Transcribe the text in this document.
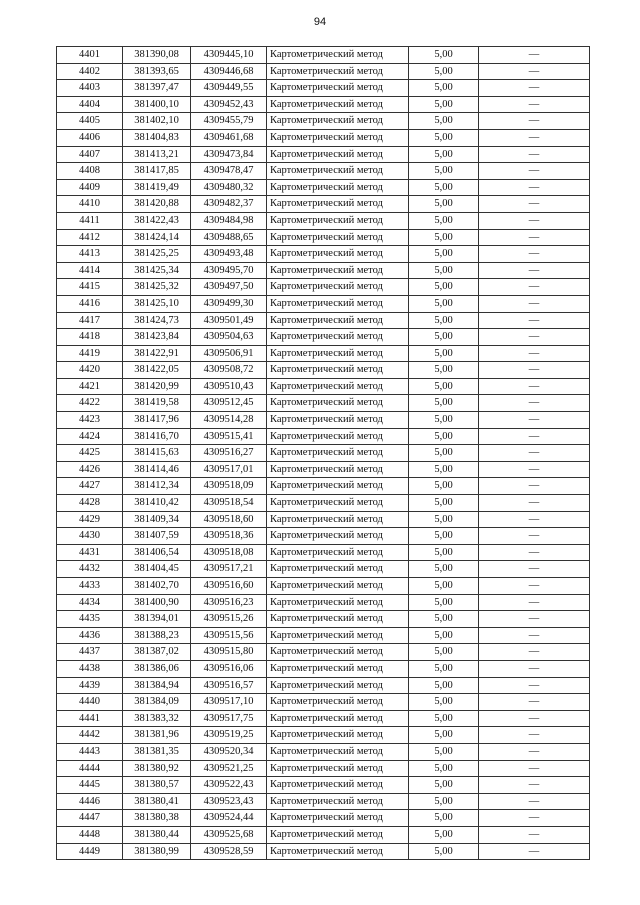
94
4401	381390,08	4309445,10	Картометрический метод	5,00	—
4402	381393,65	4309446,68	Картометрический метод	5,00	—
4403	381397,47	4309449,55	Картометрический метод	5,00	—
4404	381400,10	4309452,43	Картометрический метод	5,00	—
4405	381402,10	4309455,79	Картометрический метод	5,00	—
4406	381404,83	4309461,68	Картометрический метод	5,00	—
4407	381413,21	4309473,84	Картометрический метод	5,00	—
4408	381417,85	4309478,47	Картометрический метод	5,00	—
4409	381419,49	4309480,32	Картометрический метод	5,00	—
4410	381420,88	4309482,37	Картометрический метод	5,00	—
4411	381422,43	4309484,98	Картометрический метод	5,00	—
4412	381424,14	4309488,65	Картометрический метод	5,00	—
4413	381425,25	4309493,48	Картометрический метод	5,00	—
4414	381425,34	4309495,70	Картометрический метод	5,00	—
4415	381425,32	4309497,50	Картометрический метод	5,00	—
4416	381425,10	4309499,30	Картометрический метод	5,00	—
4417	381424,73	4309501,49	Картометрический метод	5,00	—
4418	381423,84	4309504,63	Картометрический метод	5,00	—
4419	381422,91	4309506,91	Картометрический метод	5,00	—
4420	381422,05	4309508,72	Картометрический метод	5,00	—
4421	381420,99	4309510,43	Картометрический метод	5,00	—
4422	381419,58	4309512,45	Картометрический метод	5,00	—
4423	381417,96	4309514,28	Картометрический метод	5,00	—
4424	381416,70	4309515,41	Картометрический метод	5,00	—
4425	381415,63	4309516,27	Картометрический метод	5,00	—
4426	381414,46	4309517,01	Картометрический метод	5,00	—
4427	381412,34	4309518,09	Картометрический метод	5,00	—
4428	381410,42	4309518,54	Картометрический метод	5,00	—
4429	381409,34	4309518,60	Картометрический метод	5,00	—
4430	381407,59	4309518,36	Картометрический метод	5,00	—
4431	381406,54	4309518,08	Картометрический метод	5,00	—
4432	381404,45	4309517,21	Картометрический метод	5,00	—
4433	381402,70	4309516,60	Картометрический метод	5,00	—
4434	381400,90	4309516,23	Картометрический метод	5,00	—
4435	381394,01	4309515,26	Картометрический метод	5,00	—
4436	381388,23	4309515,56	Картометрический метод	5,00	—
4437	381387,02	4309515,80	Картометрический метод	5,00	—
4438	381386,06	4309516,06	Картометрический метод	5,00	—
4439	381384,94	4309516,57	Картометрический метод	5,00	—
4440	381384,09	4309517,10	Картометрический метод	5,00	—
4441	381383,32	4309517,75	Картометрический метод	5,00	—
4442	381381,96	4309519,25	Картометрический метод	5,00	—
4443	381381,35	4309520,34	Картометрический метод	5,00	—
4444	381380,92	4309521,25	Картометрический метод	5,00	—
4445	381380,57	4309522,43	Картометрический метод	5,00	—
4446	381380,41	4309523,43	Картометрический метод	5,00	—
4447	381380,38	4309524,44	Картометрический метод	5,00	—
4448	381380,44	4309525,68	Картометрический метод	5,00	—
4449	381380,99	4309528,59	Картометрический метод	5,00	—
